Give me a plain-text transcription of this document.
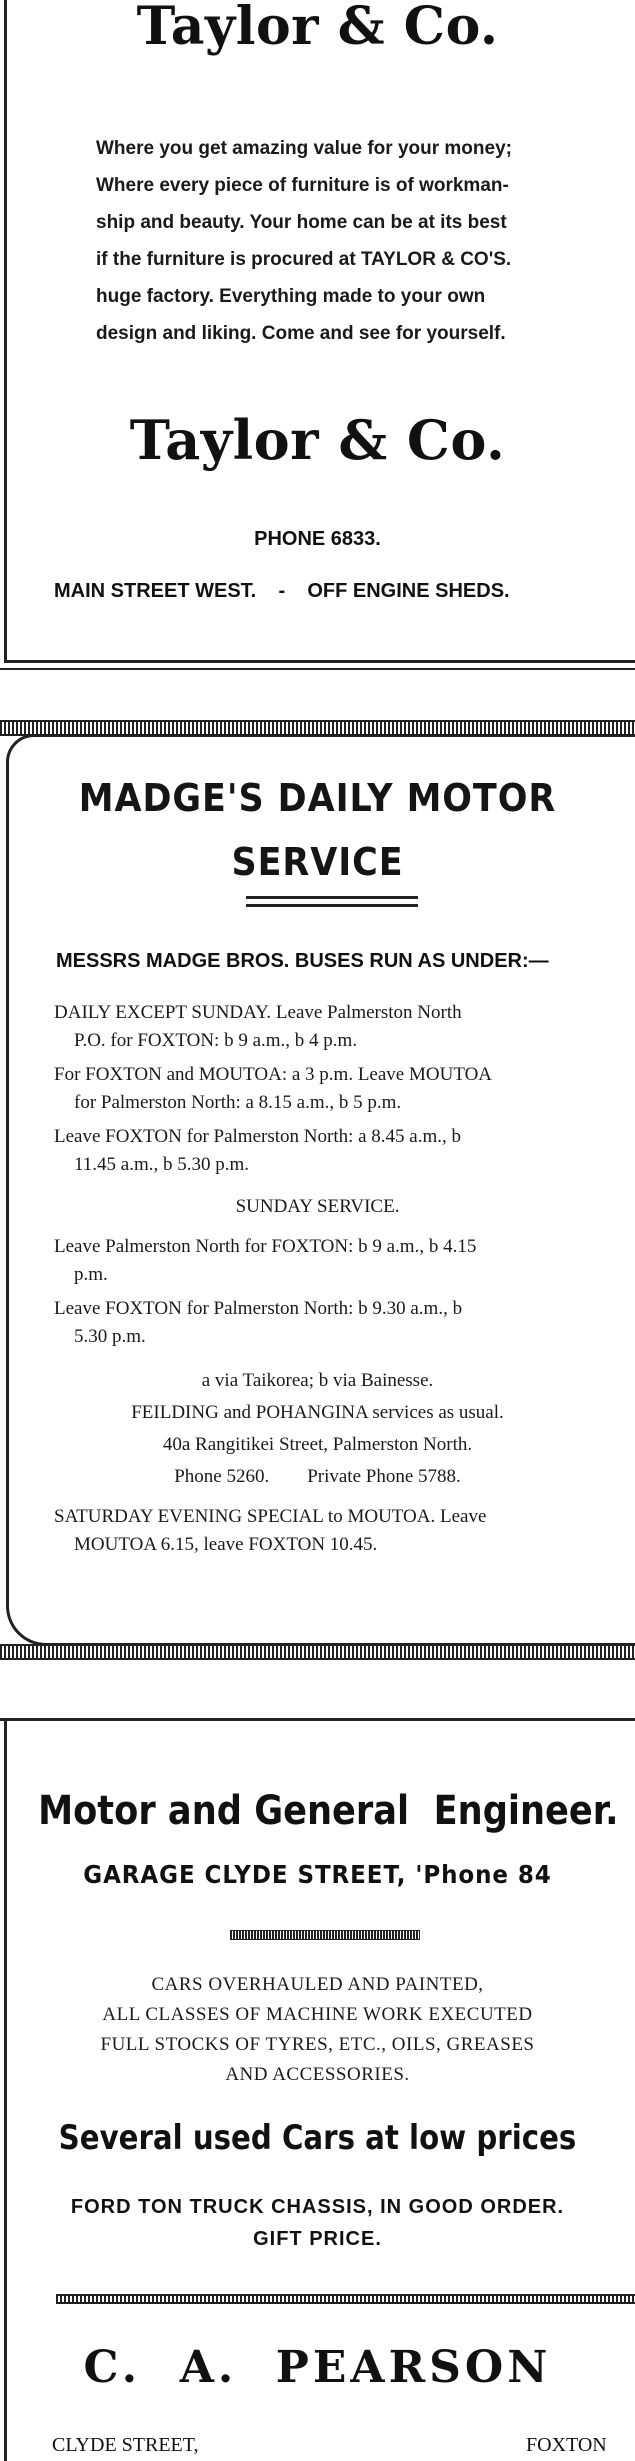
Taylor & Co.
Where you get amazing value for your money;
Where every piece of furniture is of workman-
ship and beauty. Your home can be at its best
if the furniture is procured at TAYLOR & CO'S.
huge factory. Everything made to your own
design and liking. Come and see for yourself.
Taylor & Co.
PHONE 6833.
MAIN STREET WEST.    -    OFF ENGINE SHEDS.
MADGE'S DAILY MOTOR
SERVICE
MESSRS MADGE BROS. BUSES RUN AS UNDER:—
DAILY EXCEPT SUNDAY. Leave Palmerston North
P.O. for FOXTON: b 9 a.m., b 4 p.m.
For FOXTON and MOUTOA: a 3 p.m. Leave MOUTOA
for Palmerston North: a 8.15 a.m., b 5 p.m.
Leave FOXTON for Palmerston North: a 8.45 a.m., b
11.45 a.m., b 5.30 p.m.
SUNDAY SERVICE.
Leave Palmerston North for FOXTON: b 9 a.m., b 4.15
p.m.
Leave FOXTON for Palmerston North: b 9.30 a.m., b
5.30 p.m.
a via Taikorea; b via Bainesse.
FEILDING and POHANGINA services as usual.
40a Rangitikei Street, Palmerston North.
Phone 5260.        Private Phone 5788.
SATURDAY EVENING SPECIAL to MOUTOA. Leave
MOUTOA 6.15, leave FOXTON 10.45.
Motor and General  Engineer.
GARAGE CLYDE STREET, 'Phone 84
CARS OVERHAULED AND PAINTED,
ALL CLASSES OF MACHINE WORK EXECUTED
FULL STOCKS OF TYRES, ETC., OILS, GREASES
AND ACCESSORIES.
Several used Cars at low prices
FORD TON TRUCK CHASSIS, IN GOOD ORDER.
GIFT PRICE.
C.  A.  PEARSON
CLYDE STREET,	FOXTON
